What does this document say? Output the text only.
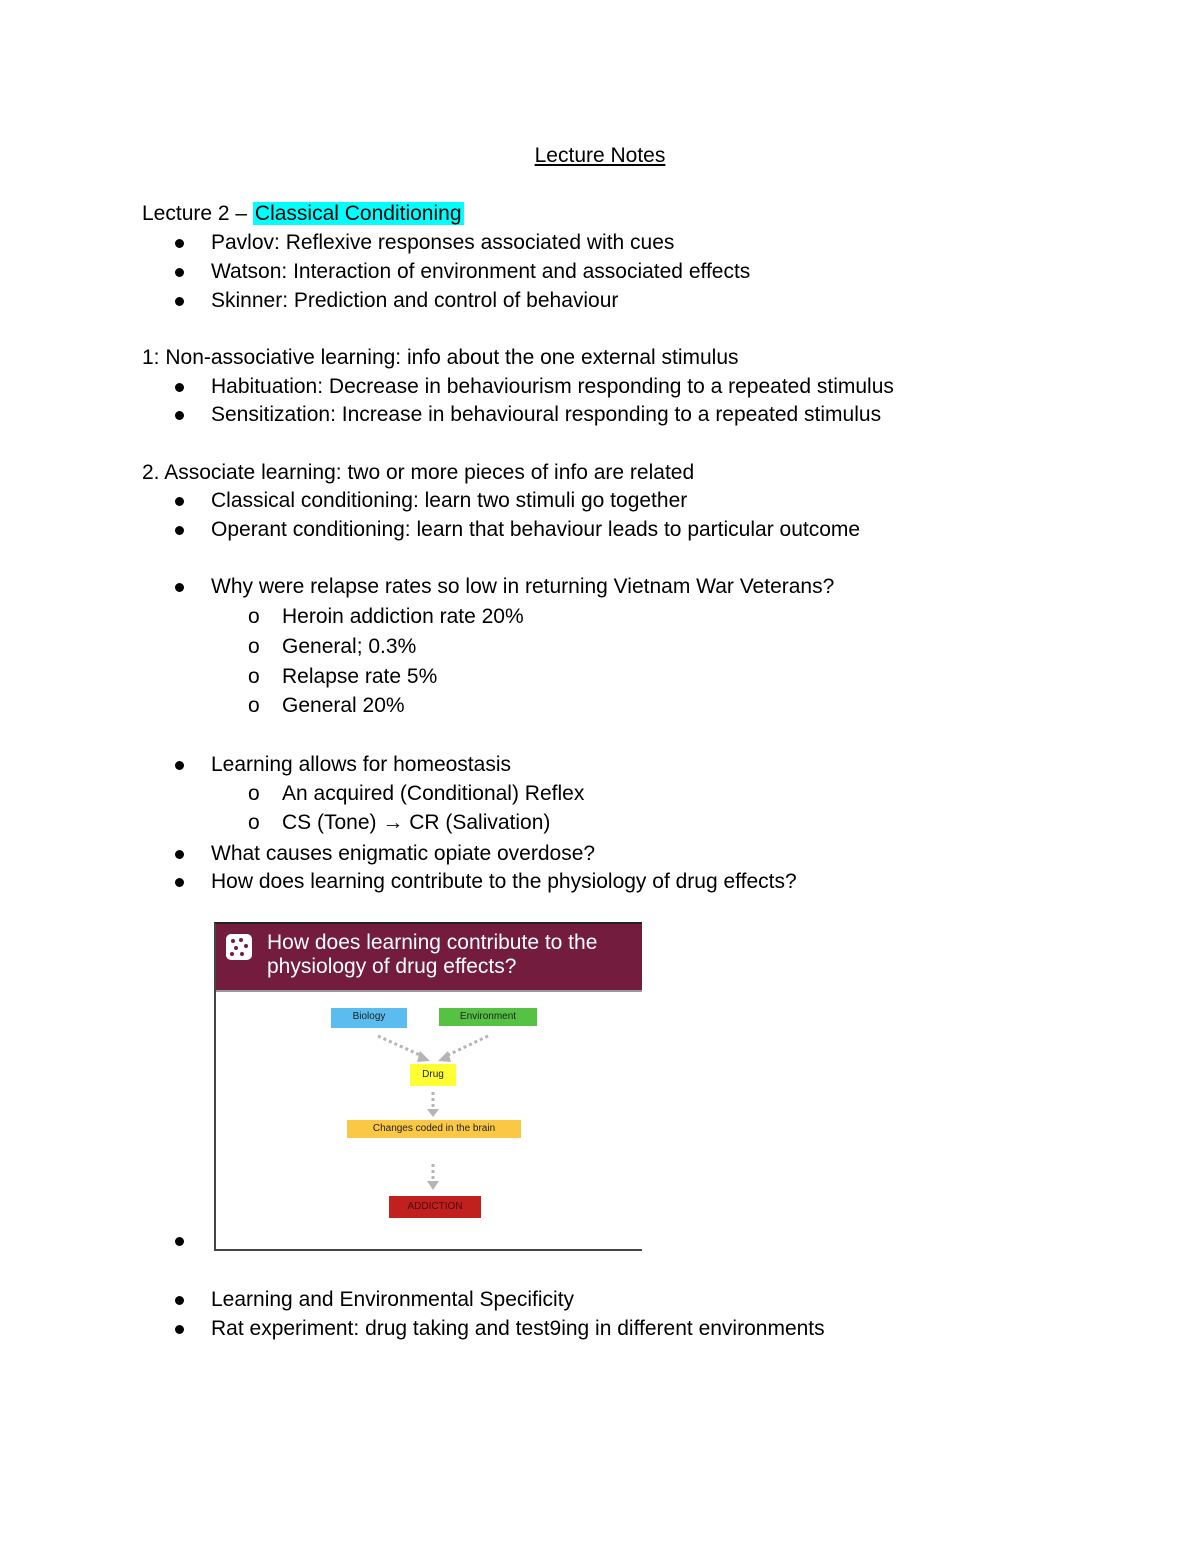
Lecture Notes
Lecture 2 – Classical Conditioning
Pavlov: Reflexive responses associated with cues
Watson: Interaction of environment and associated effects
Skinner: Prediction and control of behaviour
1: Non-associative learning: info about the one external stimulus
Habituation: Decrease in behaviourism responding to a repeated stimulus
Sensitization: Increase in behavioural responding to a repeated stimulus
2. Associate learning: two or more pieces of info are related
Classical conditioning: learn two stimuli go together
Operant conditioning: learn that behaviour leads to particular outcome
Why were relapse rates so low in returning Vietnam War Veterans?
o Heroin addiction rate 20%
o General; 0.3%
o Relapse rate 5%
o General 20%
Learning allows for homeostasis
o An acquired (Conditional) Reflex
o CS (Tone) → CR (Salivation)
What causes enigmatic opiate overdose?
How does learning contribute to the physiology of drug effects?
How does learning contribute to the physiology of drug effects?
Biology	Environment
Drug
Changes coded in the brain
ADDICTION
Learning and Environmental Specificity
Rat experiment: drug taking and test9ing in different environments
